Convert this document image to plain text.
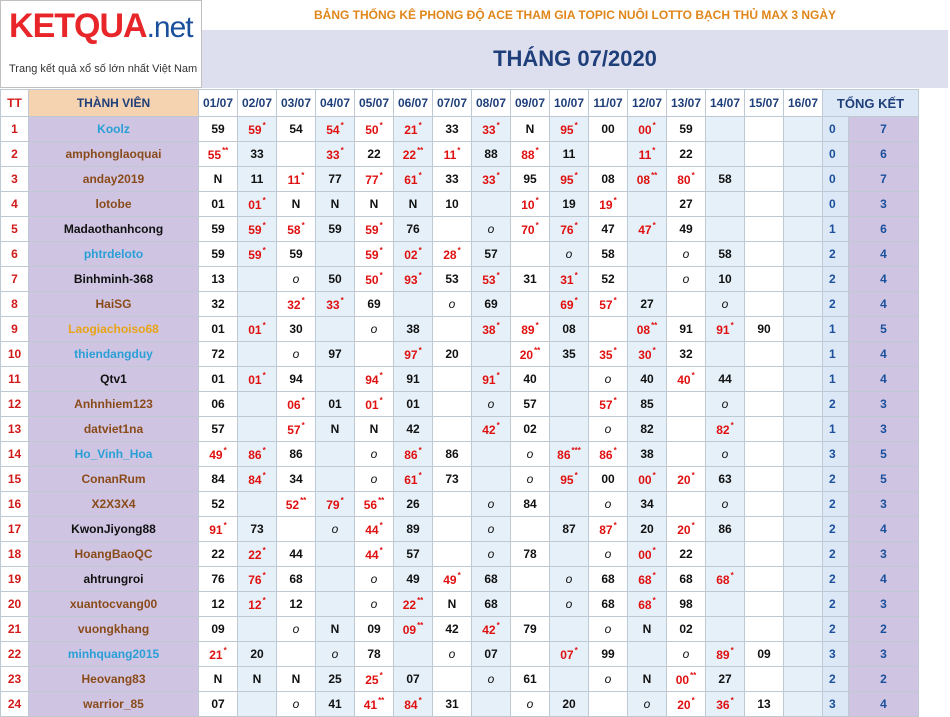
KETQUA.net
Trang kết quả xổ số lớn nhất Việt Nam
BẢNG THỐNG KÊ PHONG ĐỘ ACE THAM GIA TOPIC NUÔI LOTTO BẠCH THỦ MAX 3 NGÀY
THÁNG 07/2020
TT	THÀNH VIÊN	01/07	02/07	03/07	04/07	05/07	06/07	07/07	08/07	09/07	10/07	11/07	12/07	13/07	14/07	15/07	16/07	TỔNG KẾT	
1	Koolz	59	59*	54	54*	50*	21*	33	33*	N	95*	00	00*	59				0	7
2	amphonglaoquai	55**	33		33*	22	22**	11*	88	88*	11		11*	22				0	6
3	anday2019	N	11	11*	77	77*	61*	33	33*	95	95*	08	08**	80*	58			0	7
4	lotobe	01	01*	N	N	N	N	10		10*	19	19*		27				0	3
5	Madaothanhcong	59	59*	58*	59	59*	76		o	70*	76*	47	47*	49				1	6
6	phtrdeloto	59	59*	59		59*	02*	28*	57		o	58		o	58			2	4
7	Binhminh-368	13		o	50	50*	93*	53	53*	31	31*	52		o	10			2	4
8	HaiSG	32		32*	33*	69		o	69		69*	57*	27		o			2	4
9	Laogiachoiso68	01	01*	30		o	38		38*	89*	08		08**	91	91*	90		1	5
10	thiendangduy	72		o	97		97*	20		20**	35	35*	30*	32				1	4
11	Qtv1	01	01*	94		94*	91		91*	40		o	40	40*	44			1	4
12	Anhnhiem123	06		06*	01	01*	01		o	57		57*	85		o			2	3
13	datviet1na	57		57*	N	N	42		42*	02		o	82		82*			1	3
14	Ho_Vinh_Hoa	49*	86*	86		o	86*	86		o	86***	86*	38		o			3	5
15	ConanRum	84	84*	34		o	61*	73		o	95*	00	00*	20*	63			2	5
16	X2X3X4	52		52**	79*	56**	26		o	84		o	34		o			2	3
17	KwonJiyong88	91*	73		o	44*	89		o		87	87*	20	20*	86			2	4
18	HoangBaoQC	22	22*	44		44*	57		o	78		o	00*	22				2	3
19	ahtrungroi	76	76*	68		o	49	49*	68		o	68	68*	68	68*			2	4
20	xuantocvang00	12	12*	12		o	22**	N	68		o	68	68*	98				2	3
21	vuongkhang	09		o	N	09	09**	42	42*	79		o	N	02				2	2
22	minhquang2015	21*	20		o	78		o	07		07*	99		o	89*	09		3	3
23	Heovang83	N	N	N	25	25*	07		o	61		o	N	00**	27			2	2
24	warrior_85	07		o	41	41**	84*	31		o	20		o	20*	36*	13		3	4
